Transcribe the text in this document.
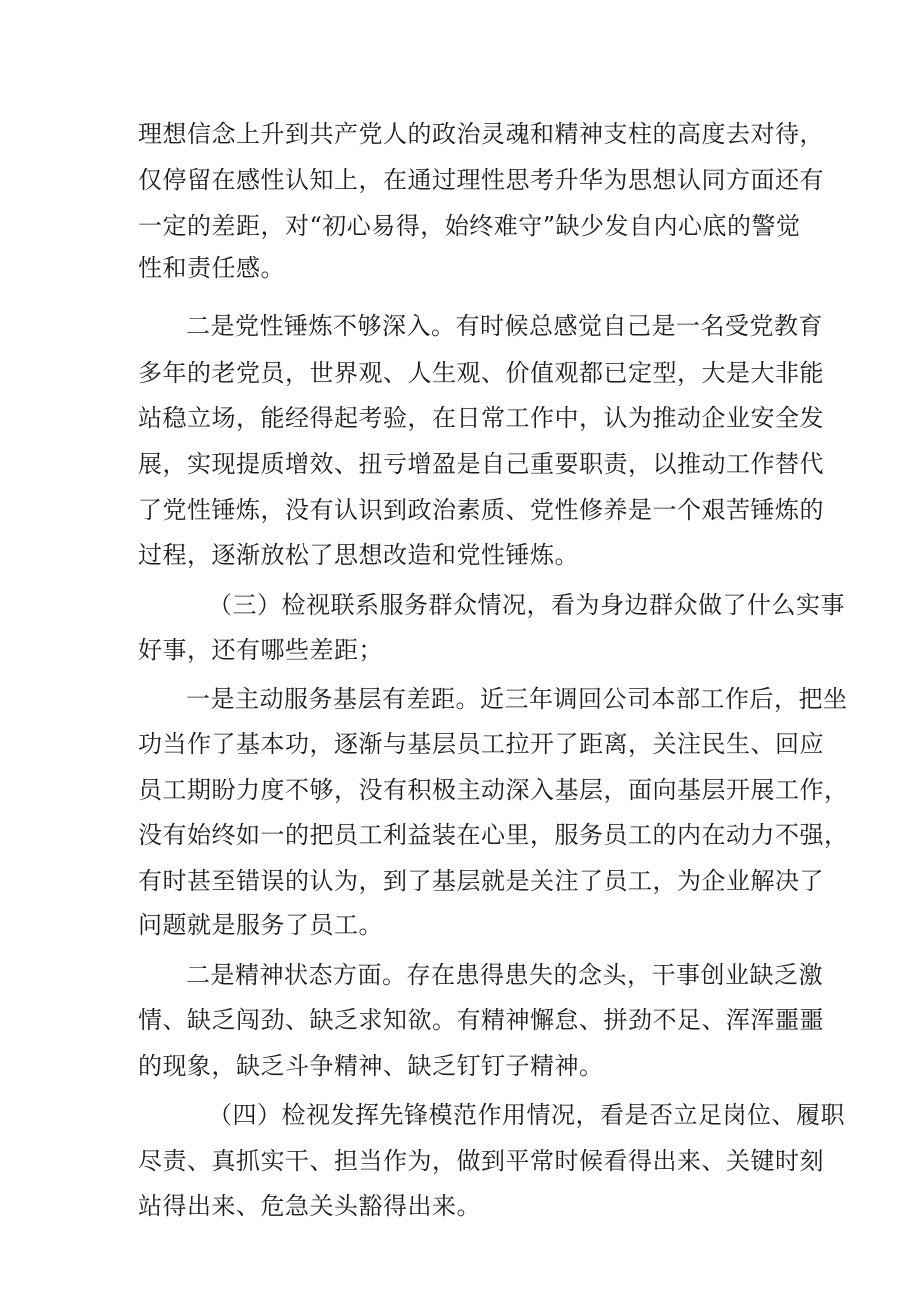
理想信念上升到共产党人的政治灵魂和精神支柱的高度去对待，
仅停留在感性认知上，在通过理性思考升华为思想认同方面还有
一定的差距，对“初心易得，始终难守”缺少发自内心底的警觉
性和责任感。
二是党性锤炼不够深入。有时候总感觉自己是一名受党教育
多年的老党员，世界观、人生观、价值观都已定型，大是大非能
站稳立场，能经得起考验，在日常工作中，认为推动企业安全发
展，实现提质增效、扭亏增盈是自己重要职责，以推动工作替代
了党性锤炼，没有认识到政治素质、党性修养是一个艰苦锤炼的
过程，逐渐放松了思想改造和党性锤炼。
（三）检视联系服务群众情况，看为身边群众做了什么实事
好事，还有哪些差距；
一是主动服务基层有差距。近三年调回公司本部工作后，把坐
功当作了基本功，逐渐与基层员工拉开了距离，关注民生、回应
员工期盼力度不够，没有积极主动深入基层，面向基层开展工作，
没有始终如一的把员工利益装在心里，服务员工的内在动力不强，
有时甚至错误的认为，到了基层就是关注了员工，为企业解决了
问题就是服务了员工。
二是精神状态方面。存在患得患失的念头，干事创业缺乏激
情、缺乏闯劲、缺乏求知欲。有精神懈怠、拼劲不足、浑浑噩噩
的现象，缺乏斗争精神、缺乏钉钉子精神。
（四）检视发挥先锋模范作用情况，看是否立足岗位、履职
尽责、真抓实干、担当作为，做到平常时候看得出来、关键时刻
站得出来、危急关头豁得出来。
